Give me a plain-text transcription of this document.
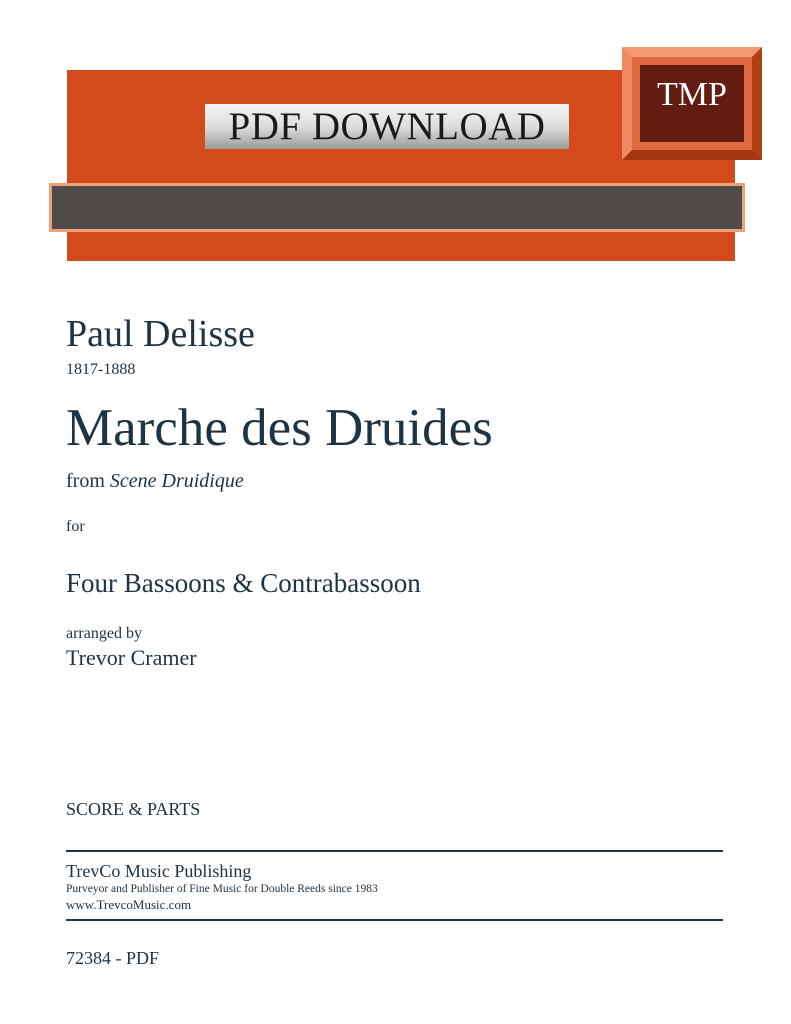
PDF DOWNLOAD
TMP
Paul Delisse
1817-1888
Marche des Druides
from Scene Druidique
for
Four Bassoons & Contrabassoon
arranged by
Trevor Cramer
SCORE & PARTS
TrevCo Music Publishing
Purveyor and Publisher of Fine Music for Double Reeds since 1983
www.TrevcoMusic.com
72384 - PDF
